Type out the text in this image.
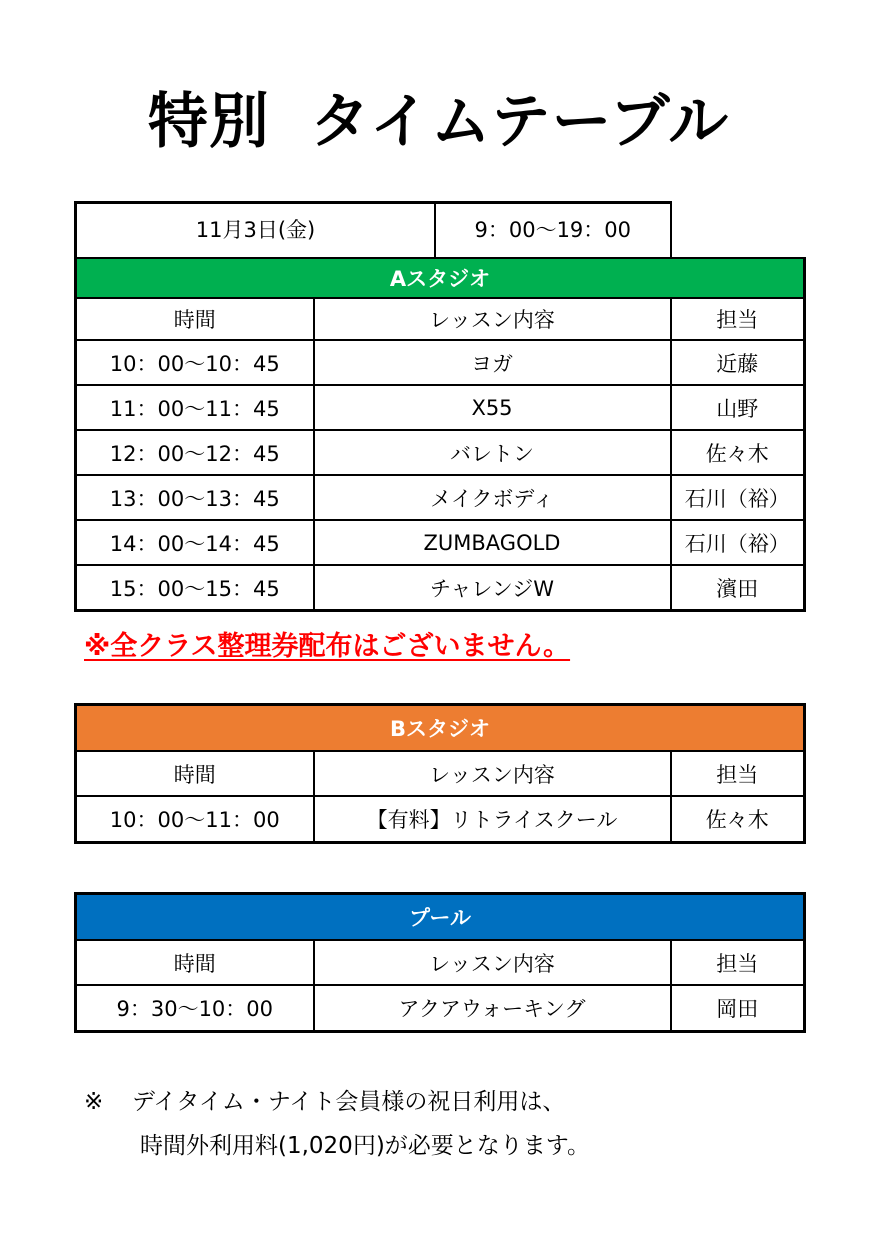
特別 タイムテーブル
11月3日(金) 9：00〜19：00		

Aスタジオ		
時間	レッスン内容	担当
10：00〜10：45	ヨガ	近藤
11：00〜11：45	X55	山野
12：00〜12：45	バレトン	佐々木
13：00〜13：45	メイクボディ	石川（裕）
14：00〜14：45	ZUMBAGOLD	石川（裕）
15：00〜15：45	チャレンジW	濱田
※全クラス整理券配布はございません。
Bスタジオ		
時間	レッスン内容	担当
10：00〜11：00	【有料】リトライスクール	佐々木
プール		
時間	レッスン内容	担当
9：30〜10：00	アクアウォーキング	岡田
※ デイタイム・ナイト会員様の祝日利用は、
時間外利用料(1,020円)が必要となります。
